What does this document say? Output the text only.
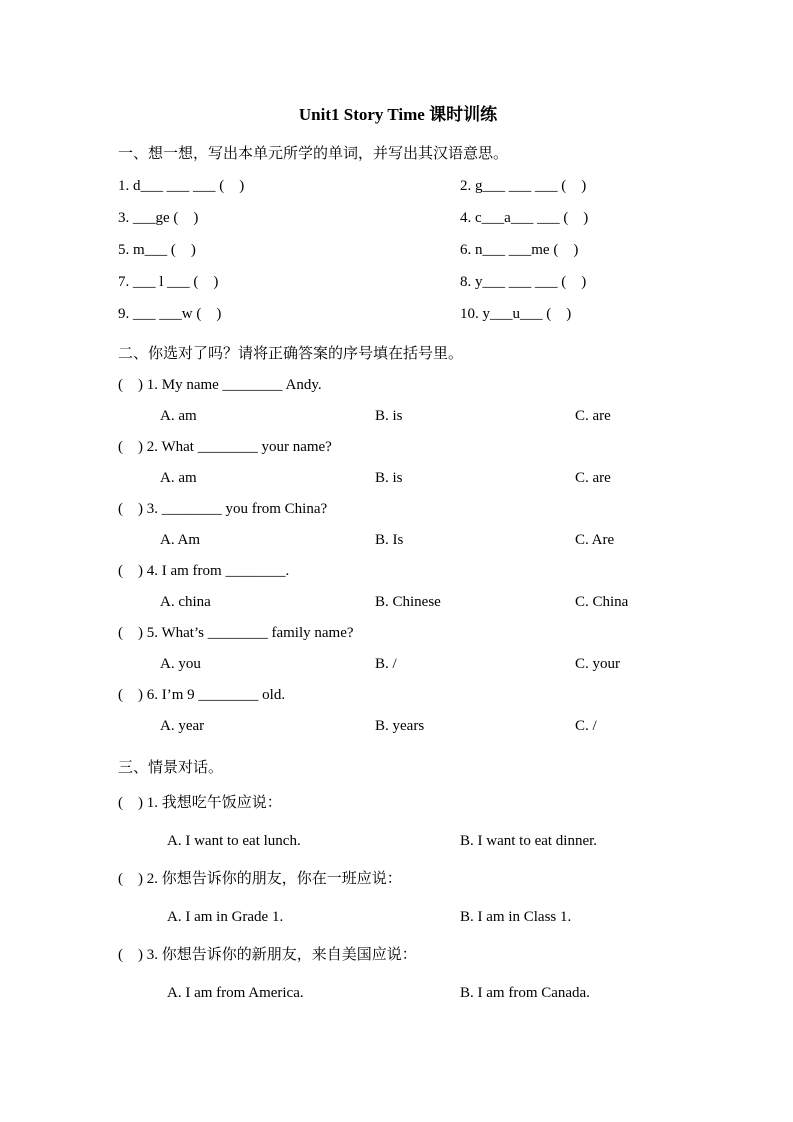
Unit1 Story Time 课时训练
一、想一想，写出本单元所学的单词，并写出其汉语意思。
1. d___ ___ ___ (　)	2. g___ ___ ___ (　)
3. ___ge (　)	4. c___a___ ___ (　)
5. m___ (　)	6. n___ ___me (　)
7. ___ l ___ (　)	8. y___ ___ ___ (　)
9. ___ ___w (　)	10. y___u___ (　)
二、你选对了吗？请将正确答案的序号填在括号里。
(　) 1. My name ________ Andy.
A. am	B. is	C. are
(　) 2. What ________ your name?
A. am	B. is	C. are
(　) 3. ________ you from China?
A. Am	B. Is	C. Are
(　) 4. I am from ________.
A. china	B. Chinese	C. China
(　) 5. What’s ________ family name?
A. you	B. /	C. your
(　) 6. I’m 9 ________ old.
A. year	B. years	C. /
三、情景对话。
(　) 1. 我想吃午饭应说：
A. I want to eat lunch.	B. I want to eat dinner.
(　) 2. 你想告诉你的朋友，你在一班应说：
A. I am in Grade 1.	B. I am in Class 1.
(　) 3. 你想告诉你的新朋友，来自美国应说：
A. I am from America.	B. I am from Canada.
